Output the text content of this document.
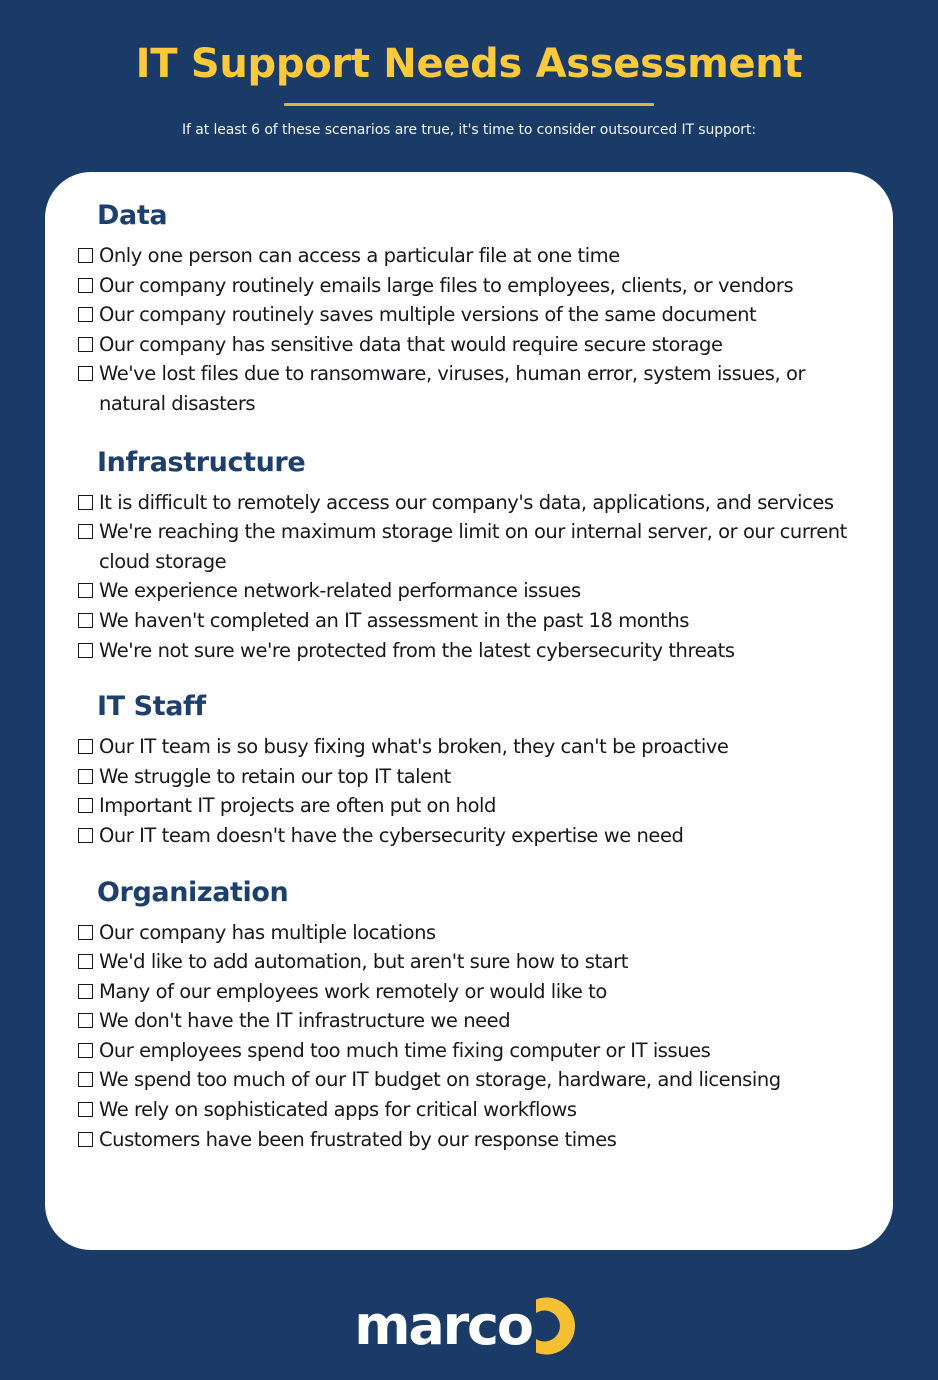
IT Support Needs Assessment
If at least 6 of these scenarios are true, it's time to consider outsourced IT support:
Data
Only one person can access a particular file at one time
Our company routinely emails large files to employees, clients, or vendors
Our company routinely saves multiple versions of the same document
Our company has sensitive data that would require secure storage
We've lost files due to ransomware, viruses, human error, system issues, or natural disasters
Infrastructure
It is difficult to remotely access our company's data, applications, and services
We're reaching the maximum storage limit on our internal server, or our current cloud storage
We experience network-related performance issues
We haven't completed an IT assessment in the past 18 months
We're not sure we're protected from the latest cybersecurity threats
IT Staff
Our IT team is so busy fixing what's broken, they can't be proactive
We struggle to retain our top IT talent
Important IT projects are often put on hold
Our IT team doesn't have the cybersecurity expertise we need
Organization
Our company has multiple locations
We'd like to add automation, but aren't sure how to start
Many of our employees work remotely or would like to
We don't have the IT infrastructure we need
Our employees spend too much time fixing computer or IT issues
We spend too much of our IT budget on storage, hardware, and licensing
We rely on sophisticated apps for critical workflows
Customers have been frustrated by our response times
marco
